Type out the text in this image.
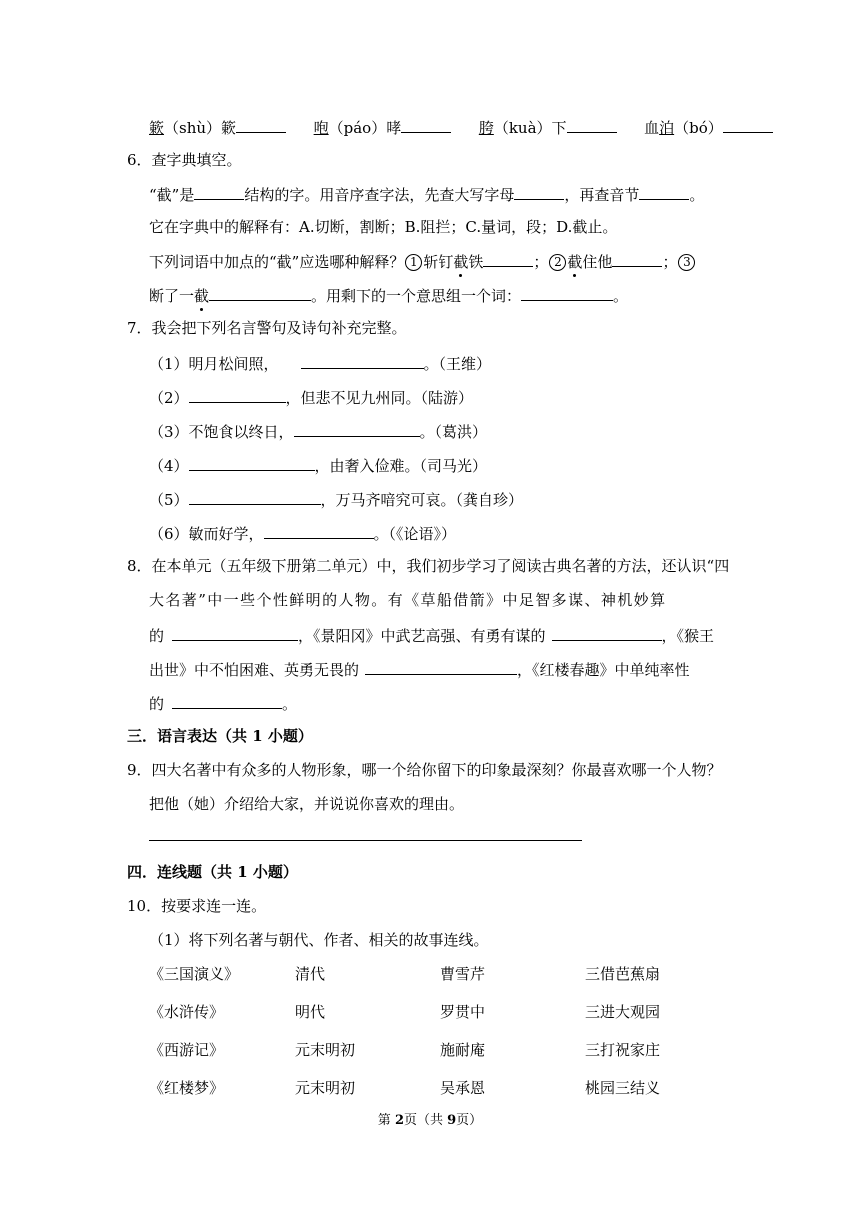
簌（shù）簌	咆（páo）哮	胯（kuà）下	血泊（bó）
6．查字典填空。
“截”是	结构的字。用音序查字法，先查大写字母	，再查音节	。
它在字典中的解释有：A.切断，割断；B.阻拦；C.量词，段；D.截止。
下列词语中加点的“截”应选哪种解释？ 1 斩钉截铁	； 2 截住他	； 3
断了一截	。用剩下的一个意思组一个词：	。
7．我会把下列名言警句及诗句补充完整。
（1）明月松间照，	。（王维）
（2）	，但悲不见九州同。（陆游）
（3）不饱食以终日，	。（葛洪）
（4）	，由奢入俭难。（司马光）
（5）	，万马齐喑究可哀。（龚自珍）
（6）敏而好学，	。（《论语》）
8．在本单元（五年级下册第二单元）中，我们初步学习了阅读古典名著的方法，还认识“四
大名著”中一些个性鲜明的人物。有《草船借箭》中足智多谋、神机妙算
的	，《景阳冈》中武艺高强、有勇有谋的	，《猴王
出世》中不怕困难、英勇无畏的	，《红楼春趣》中单纯率性
的	。
三．语言表达（共 1 小题）
9．四大名著中有众多的人物形象，哪一个给你留下的印象最深刻？你最喜欢哪一个人物？
把他（她）介绍给大家，并说说你喜欢的理由。
四．连线题（共 1 小题）
10．按要求连一连。
（1）将下列名著与朝代、作者、相关的故事连线。
《三国演义》	清代	曹雪芹	三借芭蕉扇
《水浒传》	明代	罗贯中	三进大观园
《西游记》	元末明初	施耐庵	三打祝家庄
《红楼梦》	元末明初	吴承恩	桃园三结义
第 2页（共 9页）
